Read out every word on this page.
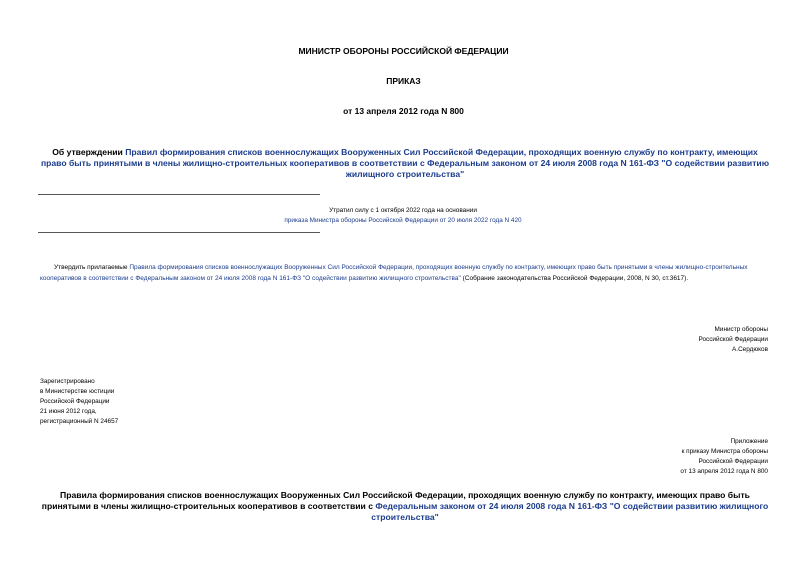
МИНИСТР ОБОРОНЫ РОССИЙСКОЙ ФЕДЕРАЦИИ
ПРИКАЗ
от 13 апреля 2012 года N 800
Об утверждении Правил формирования списков военнослужащих Вооруженных Сил Российской Федерации, проходящих военную службу по контракту, имеющих право быть принятыми в члены жилищно-строительных кооперативов в соответствии с Федеральным законом от 24 июля 2008 года N 161-ФЗ "О содействии развитию жилищного строительства"
Утратил силу с 1 октября 2022 года на основании
приказа Министра обороны Российской Федерации от 20 июля 2022 года N 420
Утвердить прилагаемые Правила формирования списков военнослужащих Вооруженных Сил Российской Федерации, проходящих военную службу по контракту, имеющих право быть принятыми в члены жилищно-строительных кооперативов в соответствии с Федеральным законом от 24 июля 2008 года N 161-ФЗ "О содействии развитию жилищного строительства" (Собрание законодательства Российской Федерации, 2008, N 30, ст.3617).
Министр обороны
Российской Федерации
А.Сердюков
Зарегистрировано
в Министерстве юстиции
Российской Федерации
21 июня 2012 года,
регистрационный N 24657
Приложение
к приказу Министра обороны
Российской Федерации
от 13 апреля 2012 года N 800
Правила формирования списков военнослужащих Вооруженных Сил Российской Федерации, проходящих военную службу по контракту, имеющих право быть принятыми в члены жилищно-строительных кооперативов в соответствии с Федеральным законом от 24 июля 2008 года N 161-ФЗ "О содействии развитию жилищного строительства"
